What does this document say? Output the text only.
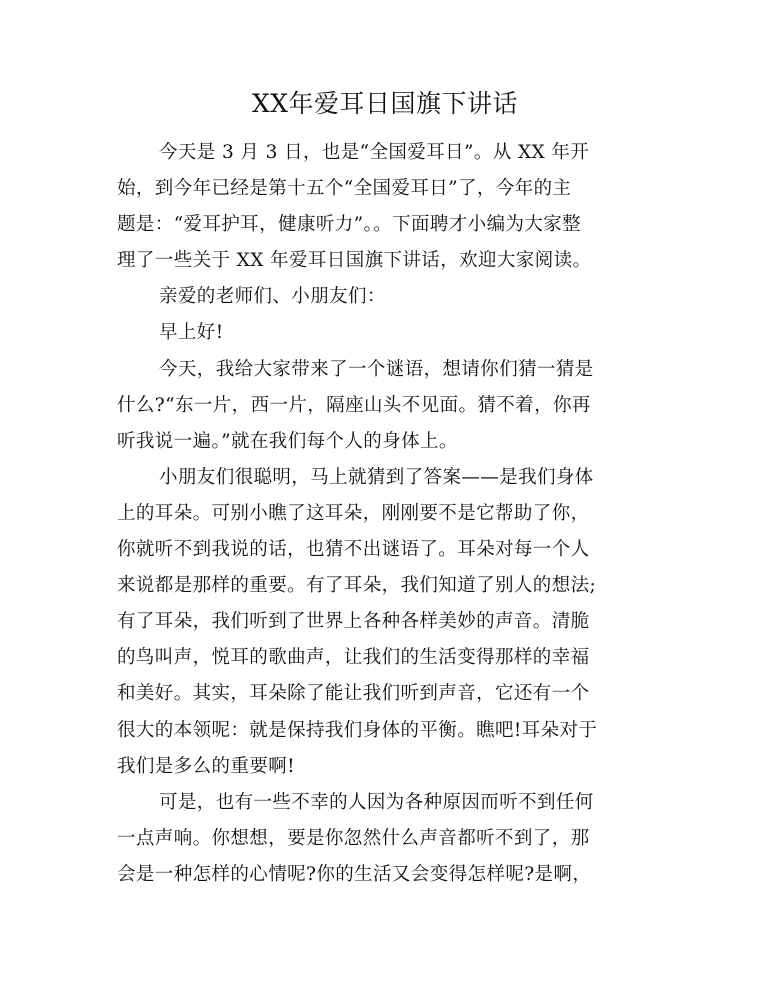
XX年爱耳日国旗下讲话
今天是 3 月 3 日，也是“全国爱耳日”。从 XX 年开
始，到今年已经是第十五个“全国爱耳日”了，今年的主
题是：“爱耳护耳，健康听力”。。下面聘才小编为大家整
理了一些关于 XX 年爱耳日国旗下讲话，欢迎大家阅读。
亲爱的老师们、小朋友们：
早上好!
今天，我给大家带来了一个谜语，想请你们猜一猜是
什么?“东一片，西一片，隔座山头不见面。猜不着，你再
听我说一遍。”就在我们每个人的身体上。
小朋友们很聪明，马上就猜到了答案——是我们身体
上的耳朵。可别小瞧了这耳朵，刚刚要不是它帮助了你，
你就听不到我说的话，也猜不出谜语了。耳朵对每一个人
来说都是那样的重要。有了耳朵，我们知道了别人的想法;
有了耳朵，我们听到了世界上各种各样美妙的声音。清脆
的鸟叫声，悦耳的歌曲声，让我们的生活变得那样的幸福
和美好。其实，耳朵除了能让我们听到声音，它还有一个
很大的本领呢：就是保持我们身体的平衡。瞧吧!耳朵对于
我们是多么的重要啊!
可是，也有一些不幸的人因为各种原因而听不到任何
一点声响。你想想，要是你忽然什么声音都听不到了，那
会是一种怎样的心情呢?你的生活又会变得怎样呢?是啊，
